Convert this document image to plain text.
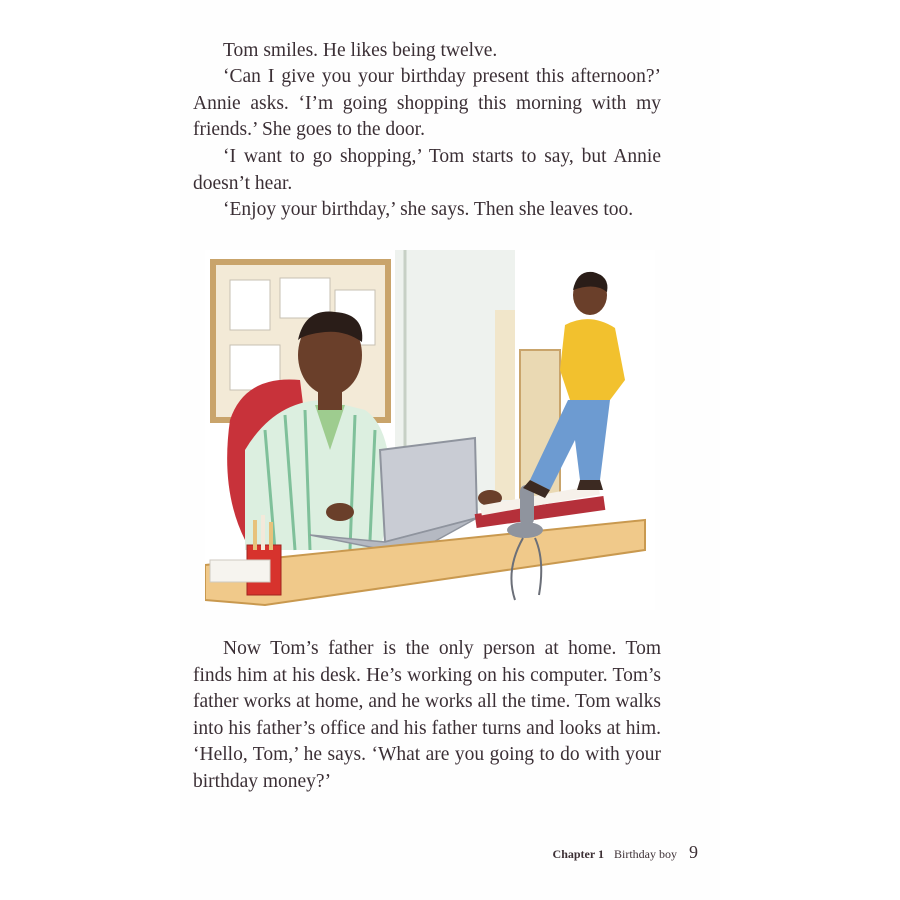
Tom smiles. He likes being twelve.

‘Can I give you your birthday present this afternoon?’ Annie asks. ‘I’m going shopping this morning with my friends.’ She goes to the door.

‘I want to go shopping,’ Tom starts to say, but Annie doesn’t hear.

‘Enjoy your birthday,’ she says. Then she leaves too.

Now Tom’s father is the only person at home. Tom finds him at his desk. He’s working on his computer. Tom’s father works at home, and he works all the time. Tom walks into his father’s office and his father turns and looks at him. ‘Hello, Tom,’ he says. ‘What are you going to do with your birthday money?’

Chapter 1 Birthday boy 9
